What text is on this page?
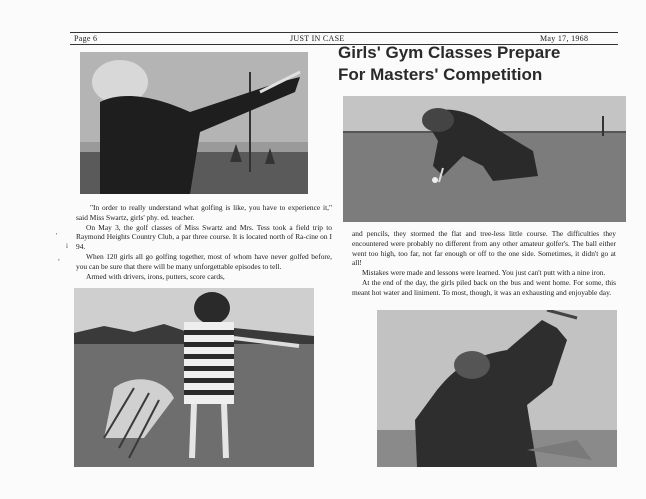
Page 6	JUST IN CASE	May 17, 1968
Girls' Gym Classes Prepare
For Masters' Competition

"In order to really understand what golfing is like, you have to experience it," said Miss Swartz, girls' phy. ed. teacher.

On May 3, the golf classes of Miss Swartz and Mrs. Tess took a field trip to Raymond Heights Country Club, a par three course. It is located north of Ra-cine on I 94.

When 120 girls all go golfing together, most of whom have never golfed before, you can be sure that there will be many unforgettable episodes to tell.

Armed with drivers, irons, putters, score cards,

'
i
,

and pencils, they stormed the flat and tree-less little course. The difficulties they encountered were probably no different from any other amateur golfer's. The ball either went too high, too far, not far enough or off to the one side. Sometimes, it didn't go at all!

Mistakes were made and lessons were learned. You just can't putt with a nine iron.

At the end of the day, the girls piled back on the bus and went home. For some, this meant hot water and liniment. To most, though, it was an exhausting and enjoyable day.
